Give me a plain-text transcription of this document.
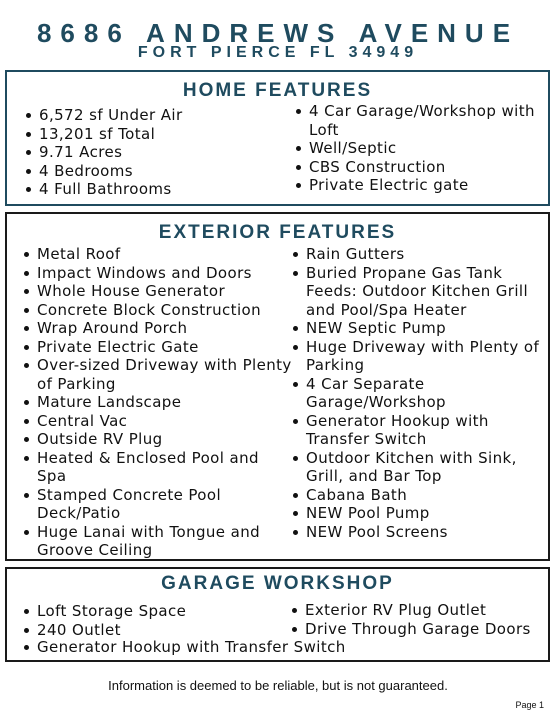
8686 ANDREWS AVENUE
FORT PIERCE FL 34949
HOME FEATURES
6,572 sf Under Air
13,201 sf Total
9.71 Acres
4 Bedrooms
4 Full Bathrooms
4 Car Garage/Workshop with Loft
Well/Septic
CBS Construction
Private Electric gate
EXTERIOR FEATURES
Metal Roof
Impact Windows and Doors
Whole House Generator
Concrete Block Construction
Wrap Around Porch
Private Electric Gate
Over-sized Driveway with Plenty of Parking
Mature Landscape
Central Vac
Outside RV Plug
Heated & Enclosed Pool and Spa
Stamped Concrete Pool Deck/Patio
Huge Lanai with Tongue and Groove Ceiling
Rain Gutters
Buried Propane Gas Tank Feeds: Outdoor Kitchen Grill and Pool/Spa Heater
NEW Septic Pump
Huge Driveway with Plenty of Parking
4 Car Separate Garage/Workshop
Generator Hookup with Transfer Switch
Outdoor Kitchen with Sink, Grill, and Bar Top
Cabana Bath
NEW Pool Pump
NEW Pool Screens
GARAGE WORKSHOP
Loft Storage Space
240 Outlet
Exterior RV Plug Outlet
Drive Through Garage Doors
Generator Hookup with Transfer Switch
Information is deemed to be reliable, but is not guaranteed.
Page 1
